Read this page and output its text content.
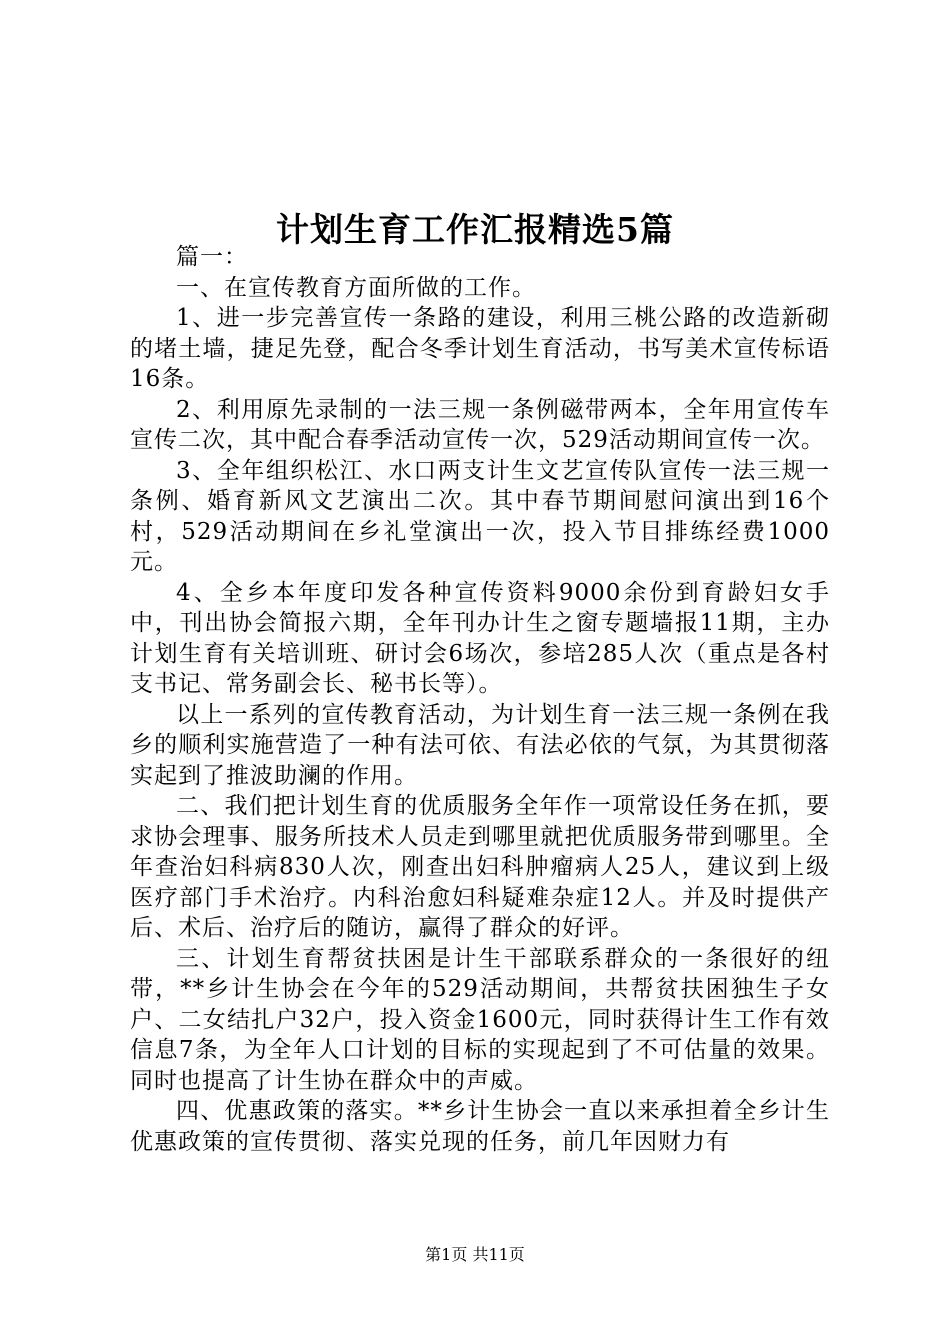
计划生育工作汇报精选5篇

篇一：

一、在宣传教育方面所做的工作。

1、进一步完善宣传一条路的建设，利用三桃公路的改造新砌的堵土墙，捷足先登，配合冬季计划生育活动，书写美术宣传标语16条。

2、利用原先录制的一法三规一条例磁带两本，全年用宣传车宣传二次，其中配合春季活动宣传一次，529活动期间宣传一次。

3、全年组织松江、水口两支计生文艺宣传队宣传一法三规一条例、婚育新风文艺演出二次。其中春节期间慰问演出到16个村，529活动期间在乡礼堂演出一次，投入节目排练经费1000元。

4、全乡本年度印发各种宣传资料9000余份到育龄妇女手中，刊出协会简报六期，全年刊办计生之窗专题墙报11期，主办计划生育有关培训班、研讨会6场次，参培285人次（重点是各村支书记、常务副会长、秘书长等）。

以上一系列的宣传教育活动，为计划生育一法三规一条例在我乡的顺利实施营造了一种有法可依、有法必依的气氛，为其贯彻落实起到了推波助澜的作用。

二、我们把计划生育的优质服务全年作一项常设任务在抓，要求协会理事、服务所技术人员走到哪里就把优质服务带到哪里。全年查治妇科病830人次，刚查出妇科肿瘤病人25人，建议到上级医疗部门手术治疗。内科治愈妇科疑难杂症12人。并及时提供产后、术后、治疗后的随访，赢得了群众的好评。

三、计划生育帮贫扶困是计生干部联系群众的一条很好的纽带，**乡计生协会在今年的529活动期间，共帮贫扶困独生子女户、二女结扎户32户，投入资金1600元，同时获得计生工作有效信息7条，为全年人口计划的目标的实现起到了不可估量的效果。同时也提高了计生协在群众中的声威。

四、优惠政策的落实。**乡计生协会一直以来承担着全乡计生优惠政策的宣传贯彻、落实兑现的任务，前几年因财力有

第1页 共11页
